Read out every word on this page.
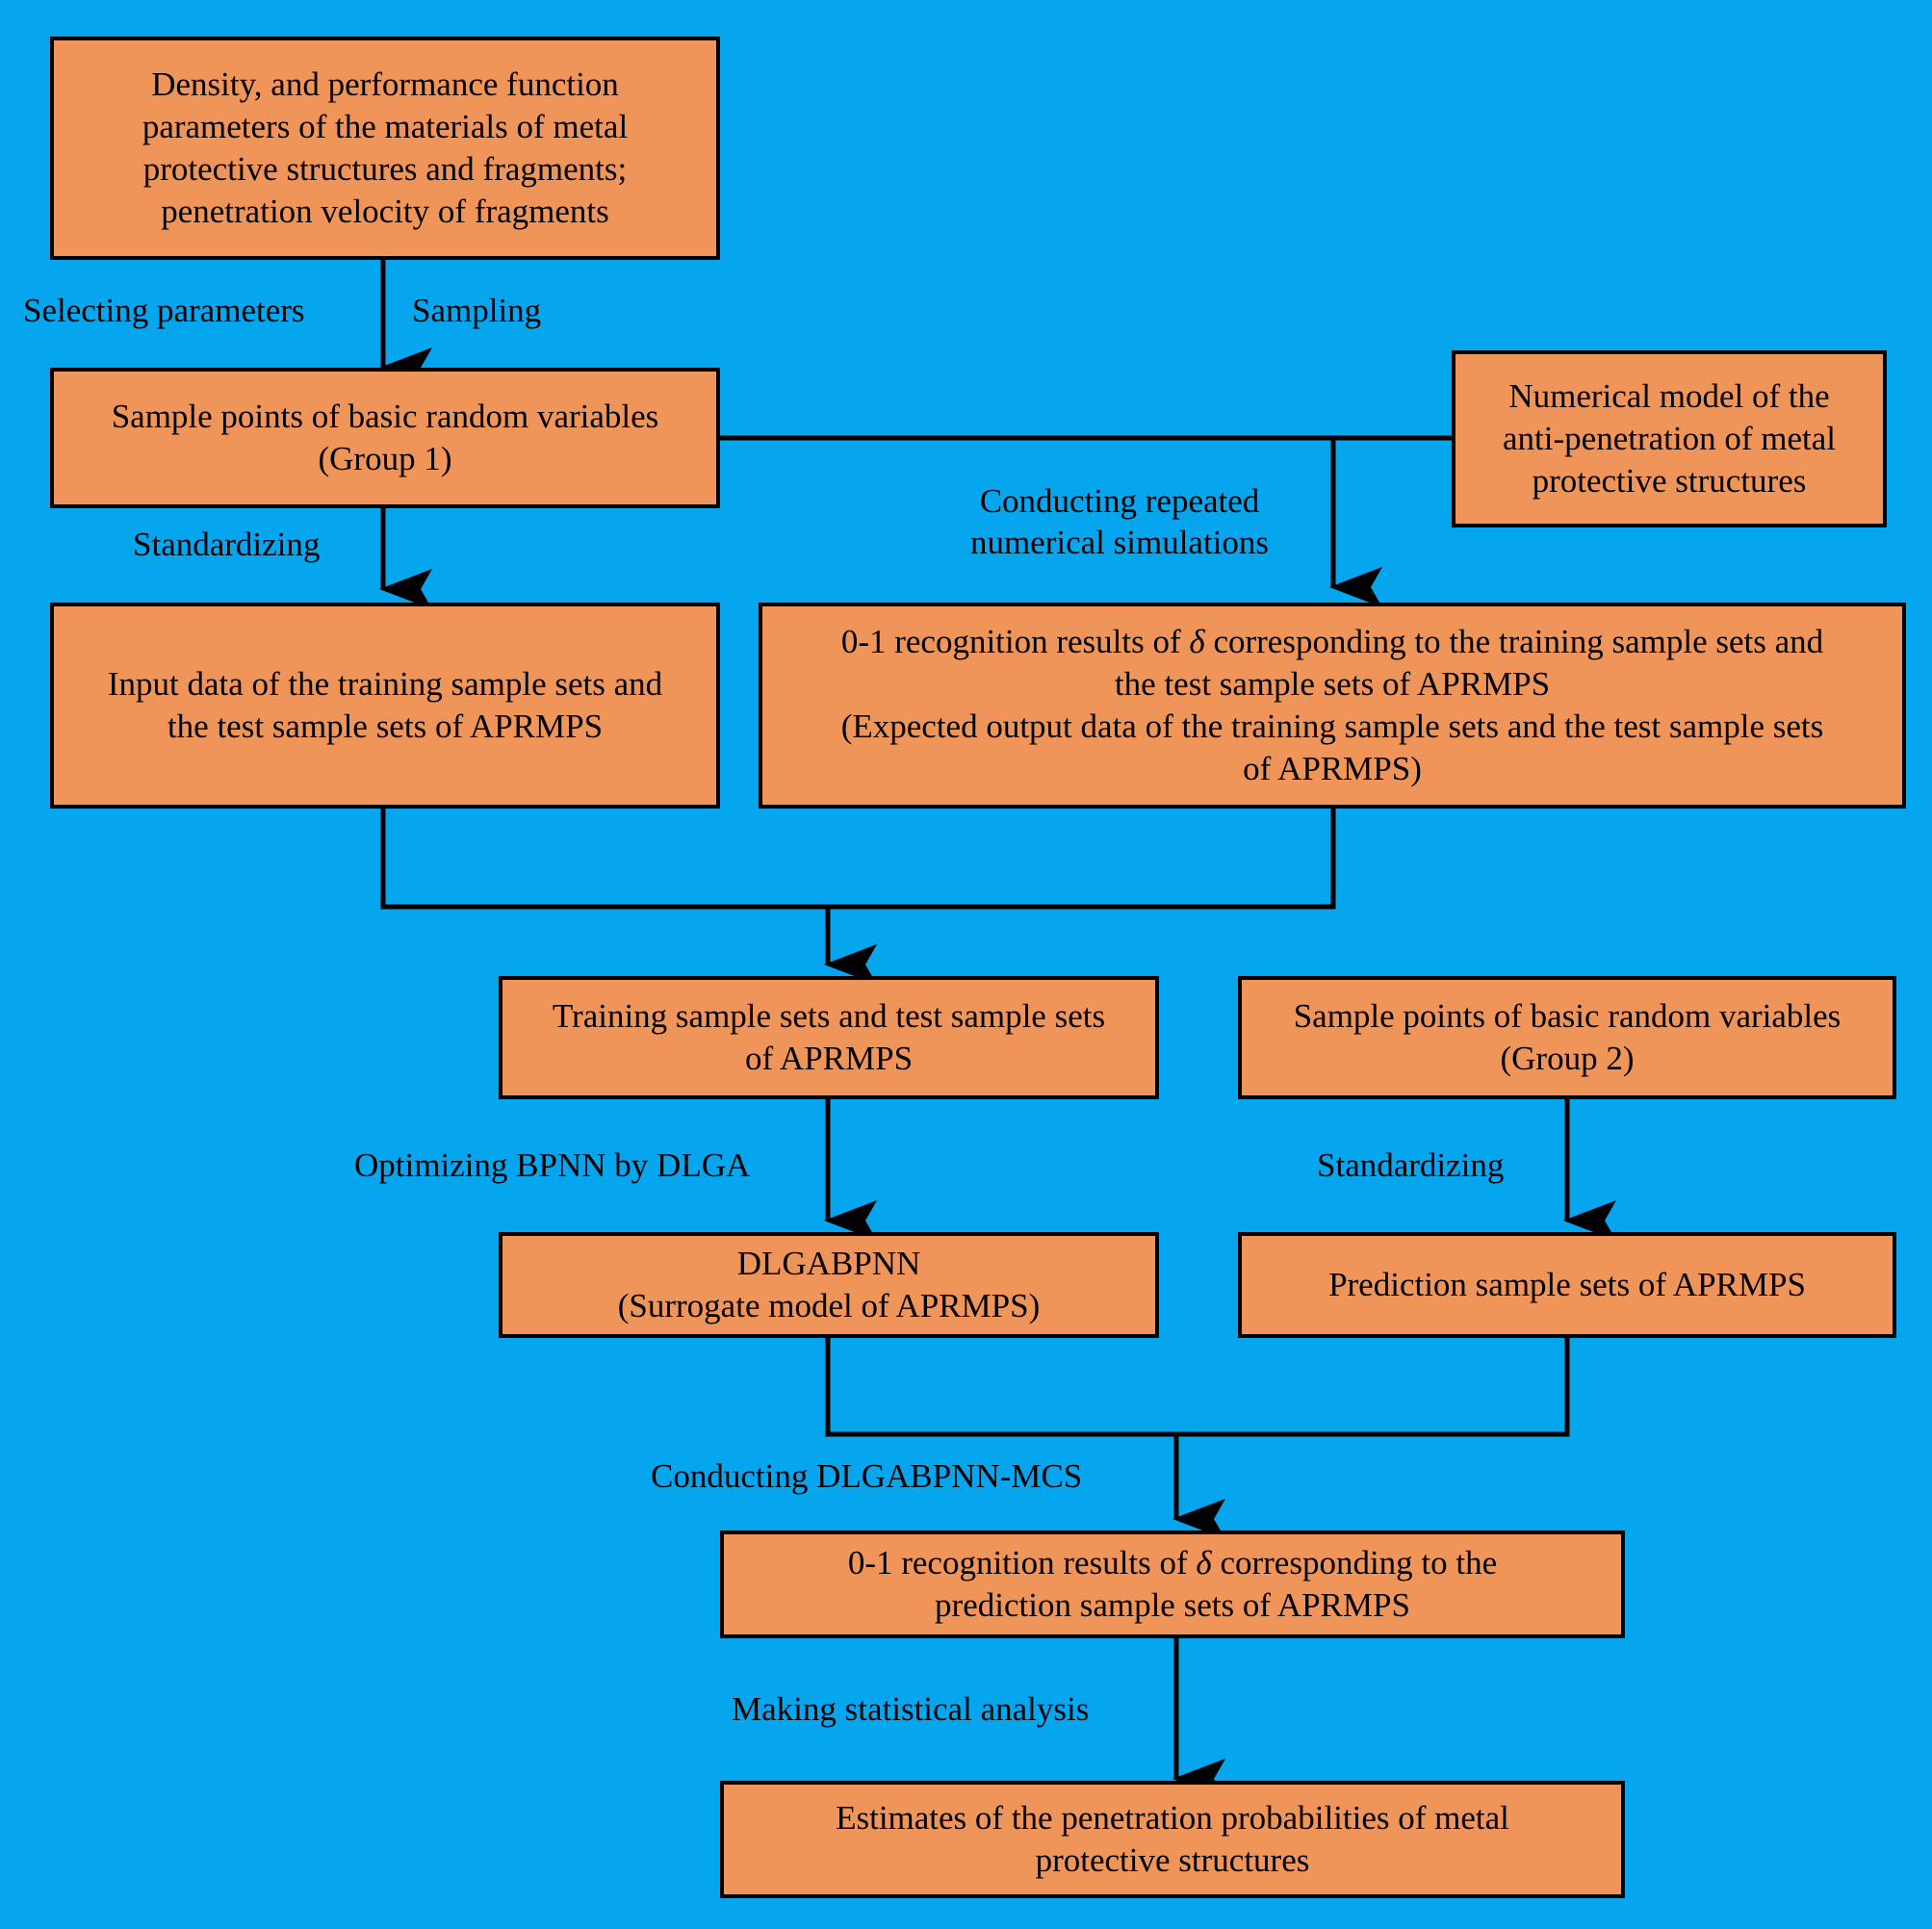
Density, and performance function
parameters of the materials of metal
protective structures and fragments;
penetration velocity of fragments
Sample points of basic random variables
(Group 1)
Numerical model of the
anti-penetration of metal
protective structures
Input data of the training sample sets and
the test sample sets of APRMPS
0-1 recognition results of δ corresponding to the training sample sets and
the test sample sets of APRMPS
(Expected output data of the training sample sets and the test sample sets
of APRMPS)
Training sample sets and test sample sets
of APRMPS
Sample points of basic random variables
(Group 2)
DLGABPNN
(Surrogate model of APRMPS)
Prediction sample sets of APRMPS
0-1 recognition results of δ corresponding to the
prediction sample sets of APRMPS
Estimates of the penetration probabilities of metal
protective structures
Selecting parameters	Sampling
Standardizing
Conducting repeated
numerical simulations
Optimizing BPNN by DLGA	Standardizing
Conducting DLGABPNN-MCS
Making statistical analysis
